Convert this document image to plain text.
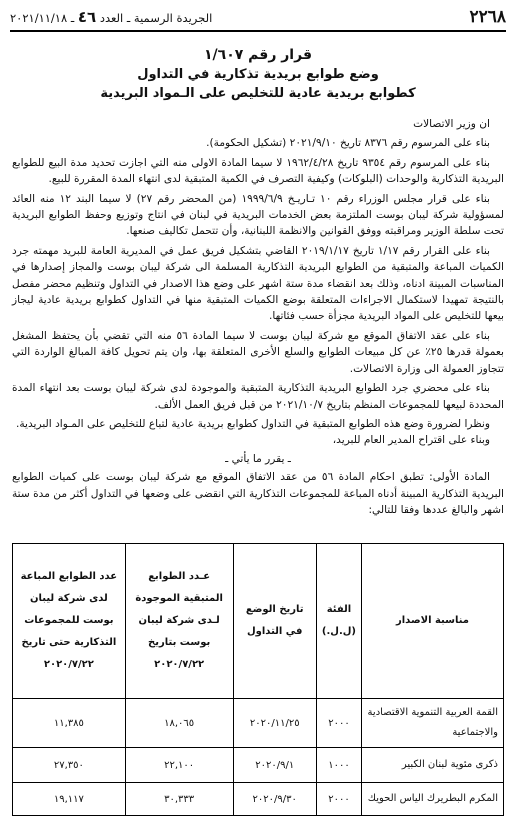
٢٢٦٨
الجريدة الرسمية ـ العدد ٤٦ ـ ٢٠٢١/١١/١٨
قرار رقم ١/٦٠٧
وضع طوابع بريدية تذكارية في التداول
كطوابع بريدية عادية للتخليص على الـمواد البريدية

ان وزير الاتصالات

بناء على المرسوم رقم ٨٣٧٦ تاريخ ٢٠٢١/٩/١٠ (تشكيل الحكومة).

بناء على المرسوم رقم ٩٣٥٤ تاريخ ١٩٦٢/٤/٢٨ لا سيما المادة الاولى منه التي اجازت تحديد مدة البيع للطوابع البريدية التذكارية والوحدات (البلوكات) وكيفية التصرف في الكمية المتبقية لدى انتهاء المدة المقررة للبيع.

بناء على قرار مجلس الوزراء رقم ١٠ تـاريـخ ١٩٩٩/٦/٩ (من المحضر رقم ٢٧) لا سيما البند ١٢ منه العائد لمسؤولية شركة ليبان بوست الملتزمة بعض الخدمات البريدية في لبنان في انتاج وتوزيع وحفظ الطوابع البريدية تحت سلطة الوزير ومراقبته ووفق القوانين والانظمة اللبنانية، وأن تتحمل تكاليف صنعها.

بناء على القرار رقم ١/١٧ تاريخ ٢٠١٩/١/١٧ القاضي بتشكيل فريق عمل في المديرية العامة للبريد مهمته جرد الكميات المباعة والمتبقية من الطوابع البريدية التذكارية المسلمة الى شركة ليبان بوست والمجاز إصدارها في المناسبات المبينة ادناه، وذلك بعد انقضاء مدة ستة اشهر على وضع هذا الاصدار في التداول وتنظيم محضر مفصل بالنتيجة تمهيدا لاستكمال الاجراءات المتعلقة بوضع الكميات المتبقية منها في التداول كطوابع بريدية عادية ليجاز بيعها للتخليص على المواد البريدية مجزأة حسب فئاتها.

بناء على عقد الاتفاق الموقع مع شركة ليبان بوست لا سيما المادة ٥٦ منه التي تقضي بأن يحتفظ المشغل بعمولة قدرها ٢٥٪ عن كل مبيعات الطوابع والسلع الأخرى المتعلقة بها، وان يتم تحويل كافة المبالغ الواردة التي تتجاوز العمولة الى وزارة الاتصالات.

بناء على محضري جرد الطوابع البريدية التذكارية المتبقية والموجودة لدى شركة ليبان بوست بعد انتهاء المدة المحددة لبيعها للمجموعات المنظم بتاريخ ٢٠٢١/١٠/٧ من قبل فريق العمل الألف.

ونظرا لضرورة وضع هذه الطوابع المتبقية في التداول كطوابع بريدية عادية لتباع للتخليص على المـواد البريدية.

وبناء على اقتراح المدير العام للبريد،

ـ يقرر ما يأتي ـ

المادة الأولى: تطبق احكام المادة ٥٦ من عقد الاتفاق الموقع مع شركة ليبان بوست على كميات الطوابع البريدية التذكارية المبينة أدناه المباعة للمجموعات التذكارية التي انقضى على وضعها في التداول أكثر من مدة ستة اشهر والبالغ عددها وفقا للتالي:

مناسبة الاصدار	الفئة (ل.ل.)	تاريخ الوضع في التداول	عـدد الطوابع المتبقية الموجودة لـدى شركة ليبان بوست بتاريخ ٢٠٢٠/٧/٢٢	عدد الطوابع المباعة لدى شركة ليبان بوست للمجموعات التذكارية حتى تاريخ ٢٠٢٠/٧/٢٢
القمة العربية التنموية الاقتصادية والاجتماعية	٢٠٠٠	٢٠٢٠/١١/٢٥	١٨,٠٦٥	١١,٣٨٥
ذكرى مئوية لبنان الكبير	١٠٠٠	٢٠٢٠/٩/١	٢٢,١٠٠	٢٧,٣٥٠
المكرم البطريرك الياس الحويك	٢٠٠٠	٢٠٢٠/٩/٣٠	٣٠,٣٣٣	١٩,١١٧
